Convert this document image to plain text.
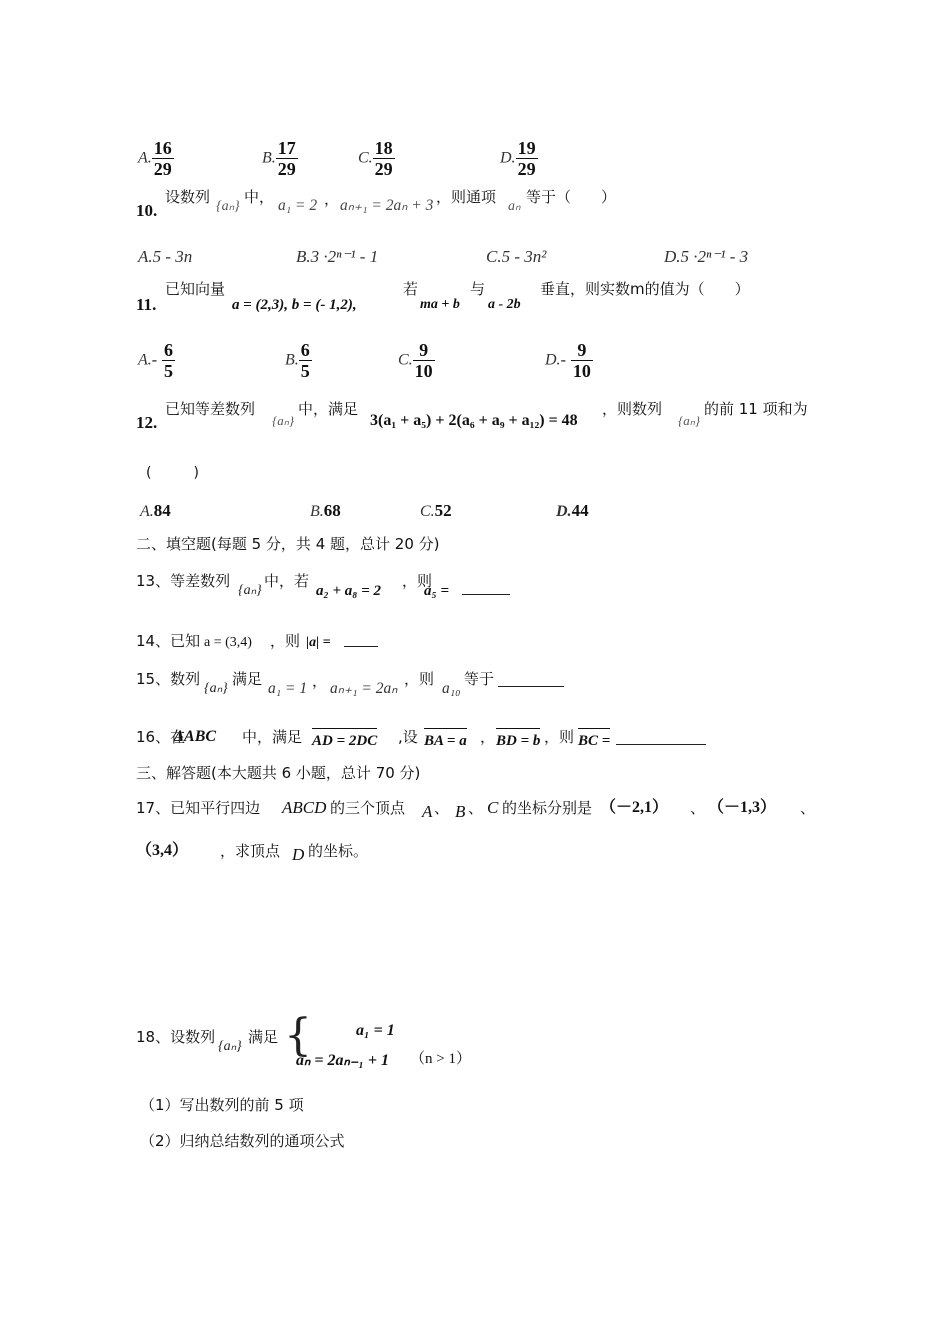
A. $\frac{16}{29}$	B. $\frac{17}{29}$	C. $\frac{18}{29}$	D. $\frac{19}{29}$
10.
设数列
{aₙ}
中， a₁ = 2 ， aₙ₊₁ = 2aₙ + 3 ，则通项
aₙ
等于（　　）
A.5 - 3n	B.3 ·2ⁿ⁻¹ - 1	C.5 - 3n²	D.5 ·2ⁿ⁻¹ - 3
11.
已知向量
a = (2,3), b = (- 1,2),
若
ma + b
与
a - 2b
垂直，则实数m的值为（　　）
$A.- \frac{6}{5}$	B. $\frac{6}{5}$	C. $\frac{9}{10}$	$D.- \frac{9}{10}$
12.
已知等差数列
{aₙ}
中，满足
3(a₁ + a₅) + 2(a₆ + a₉ + a₁₂) = 48
，则数列
{aₙ}
的前 11 项和为
(　　　)
A.84	B.68	C.52	D.44
二、填空题(每题 5 分，共 4 题，总计 20 分)
13、等差数列
{aₙ}
中，若
a₂ + a₈ = 2
，则
a₅ =
14、已知 a = (3,4) ，则 |a| =
15、数列
{aₙ}
满足
a₁ = 1 ， aₙ₊₁ = 2aₙ
，则
a₁₀
等于
16、在
ΔABC 中，满足 AD = 2DC ,设 BA = a ， BD = b ，则 BC =
三、解答题(本大题共 6 小题，总计 70 分)
17、已知平行四边 ABCD 的三个顶点 A 、 B 、 C 的坐标分别是 （－2,1） 、 （－1,3） 、
（3,4） ，求顶点 D 的坐标。
18、设数列
{aₙ}
满足 {	a₁ = 1
aₙ = 2aₙ₋₁ + 1 （n > 1）
（1）写出数列的前 5 项
（2）归纳总结数列的通项公式
